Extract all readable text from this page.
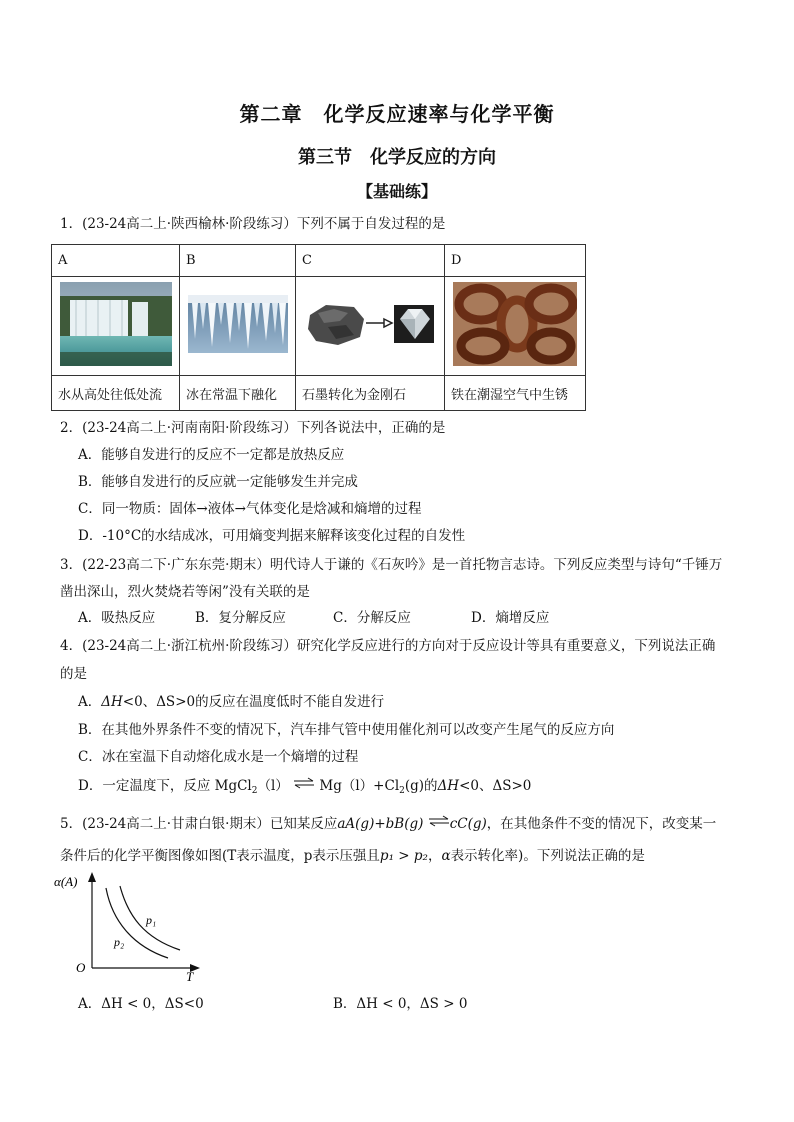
第二章　化学反应速率与化学平衡
第三节　化学反应的方向
【基础练】
1．(23-24高二上·陕西榆林·阶段练习）下列不属于自发过程的是
A	B	C	D

水从高处往低处流	冰在常温下融化	石墨转化为金刚石	铁在潮湿空气中生锈
2．(23-24高二上·河南南阳·阶段练习）下列各说法中，正确的是
A．能够自发进行的反应不一定都是放热反应
B．能够自发进行的反应就一定能够发生并完成
C．同一物质：固体→液体→气体变化是焓减和熵增的过程
D．-10°C的水结成冰，可用熵变判据来解释该变化过程的自发性
3．(22-23高二下·广东东莞·期末）明代诗人于谦的《石灰吟》是一首托物言志诗。下列反应类型与诗句“千锤万
凿出深山，烈火焚烧若等闲”没有关联的是
A．吸热反应	B．复分解反应	C．分解反应	D．熵增反应
4．(23-24高二上·浙江杭州·阶段练习）研究化学反应进行的方向对于反应设计等具有重要意义，下列说法正确
的是
A．ΔH<0、ΔS>0的反应在温度低时不能自发进行
B．在其他外界条件不变的情况下，汽车排气管中使用催化剂可以改变产生尾气的反应方向
C．冰在室温下自动熔化成水是一个熵增的过程
D．一定温度下，反应 MgCl$_2$（l） ⇌ $Mg(l)+Cl_2(g)$的ΔH<0、ΔS>0
5．(23-24高二上·甘肃白银·期末）已知某反应aA(g)+bB(g) ⇌cC(g)，在其他条件不变的情况下，改变某一
条件后的化学平衡图像如图(T表示温度，p表示压强且p₁ > p₂，α表示转化率)。下列说法正确的是
α(A)
p₁
p₂
O
T
A．ΔH < 0，ΔS<0	B．ΔH < 0，ΔS > 0
